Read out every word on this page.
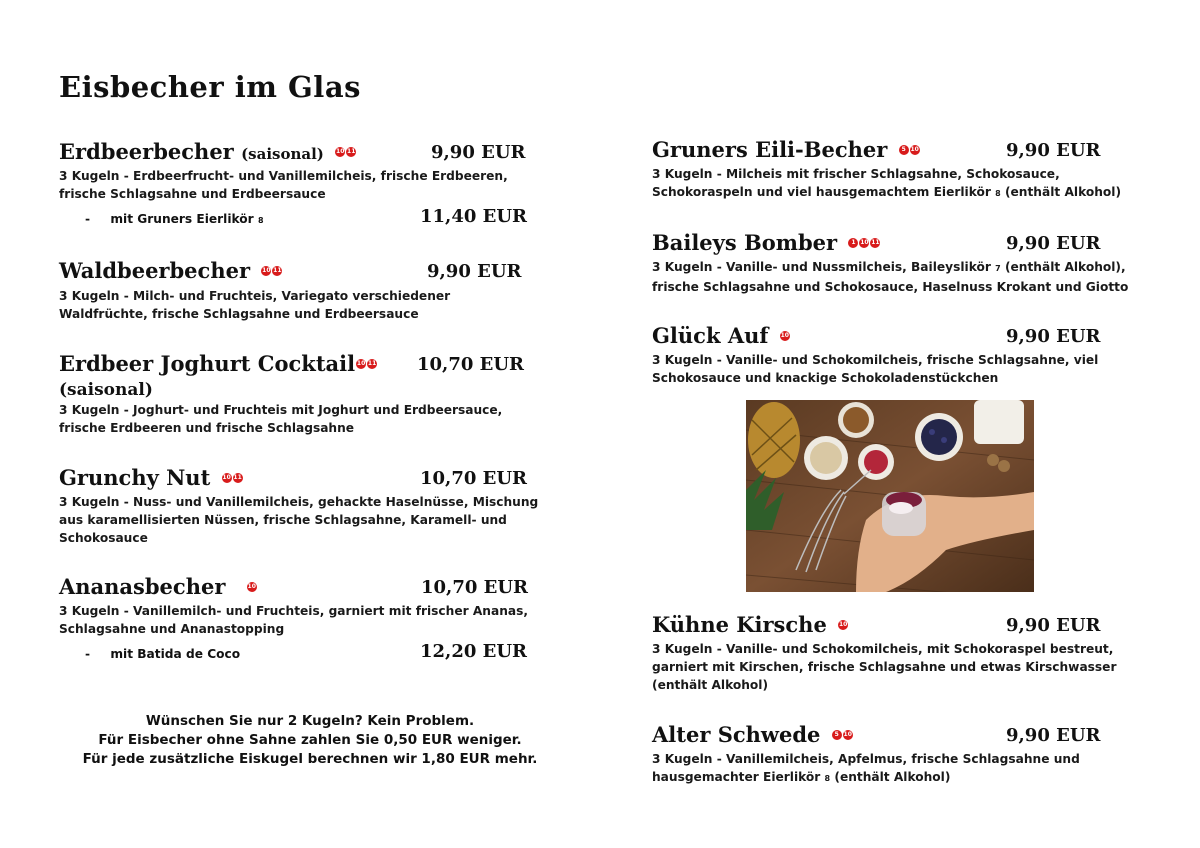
Eisbecher im Glas
Erdbeerbecher (saisonal) 10 11	9,90 EUR
3 Kugeln - Erdbeerfrucht- und Vanillemilcheis, frische Erdbeeren, frische Schlagsahne und Erdbeersauce
- mit Gruners Eierlikör 8	11,40 EUR
Waldbeerbecher 10 11	9,90 EUR
3 Kugeln - Milch- und Fruchteis, Variegato verschiedener Waldfrüchte, frische Schlagsahne und Erdbeersauce
Erdbeer Joghurt Cocktail 10 11 10,70 EUR
(saisonal)
3 Kugeln - Joghurt- und Fruchteis mit Joghurt und Erdbeersauce, frische Erdbeeren und frische Schlagsahne
Grunchy Nut 10 11	10,70 EUR
3 Kugeln - Nuss- und Vanillemilcheis, gehackte Haselnüsse, Mischung aus karamellisierten Nüssen, frische Schlagsahne, Karamell- und Schokosauce
Ananasbecher	10	10,70 EUR
3 Kugeln - Vanillemilch- und Fruchteis, garniert mit frischer Ananas, Schlagsahne und Ananastopping
- mit Batida de Coco	12,20 EUR
Wünschen Sie nur 2 Kugeln? Kein Problem.
Für Eisbecher ohne Sahne zahlen Sie 0,50 EUR weniger.
Für jede zusätzliche Eiskugel berechnen wir 1,80 EUR mehr.
Gruners Eili-Becher	5 10	9,90 EUR
3 Kugeln - Milcheis mit frischer Schlagsahne, Schokosauce, Schokoraspeln und viel hausgemachtem Eierlikör 8 (enthält Alkohol)
Baileys Bomber	1 10 11	9,90 EUR
3 Kugeln - Vanille- und Nussmilcheis, Baileyslikör 7 (enthält Alkohol), frische Schlagsahne und Schokosauce, Haselnuss Krokant und Giotto
Glück Auf 10	9,90 EUR
3 Kugeln - Vanille- und Schokomilcheis, frische Schlagsahne, viel Schokosauce und knackige Schokoladenstückchen
Kühne Kirsche 10	9,90 EUR
3 Kugeln - Vanille- und Schokomilcheis, mit Schokoraspel bestreut, garniert mit Kirschen, frische Schlagsahne und etwas Kirschwasser (enthält Alkohol)
Alter Schwede	5 10	9,90 EUR
3 Kugeln - Vanillemilcheis, Apfelmus, frische Schlagsahne und hausgemachter Eierlikör 8 (enthält Alkohol)
